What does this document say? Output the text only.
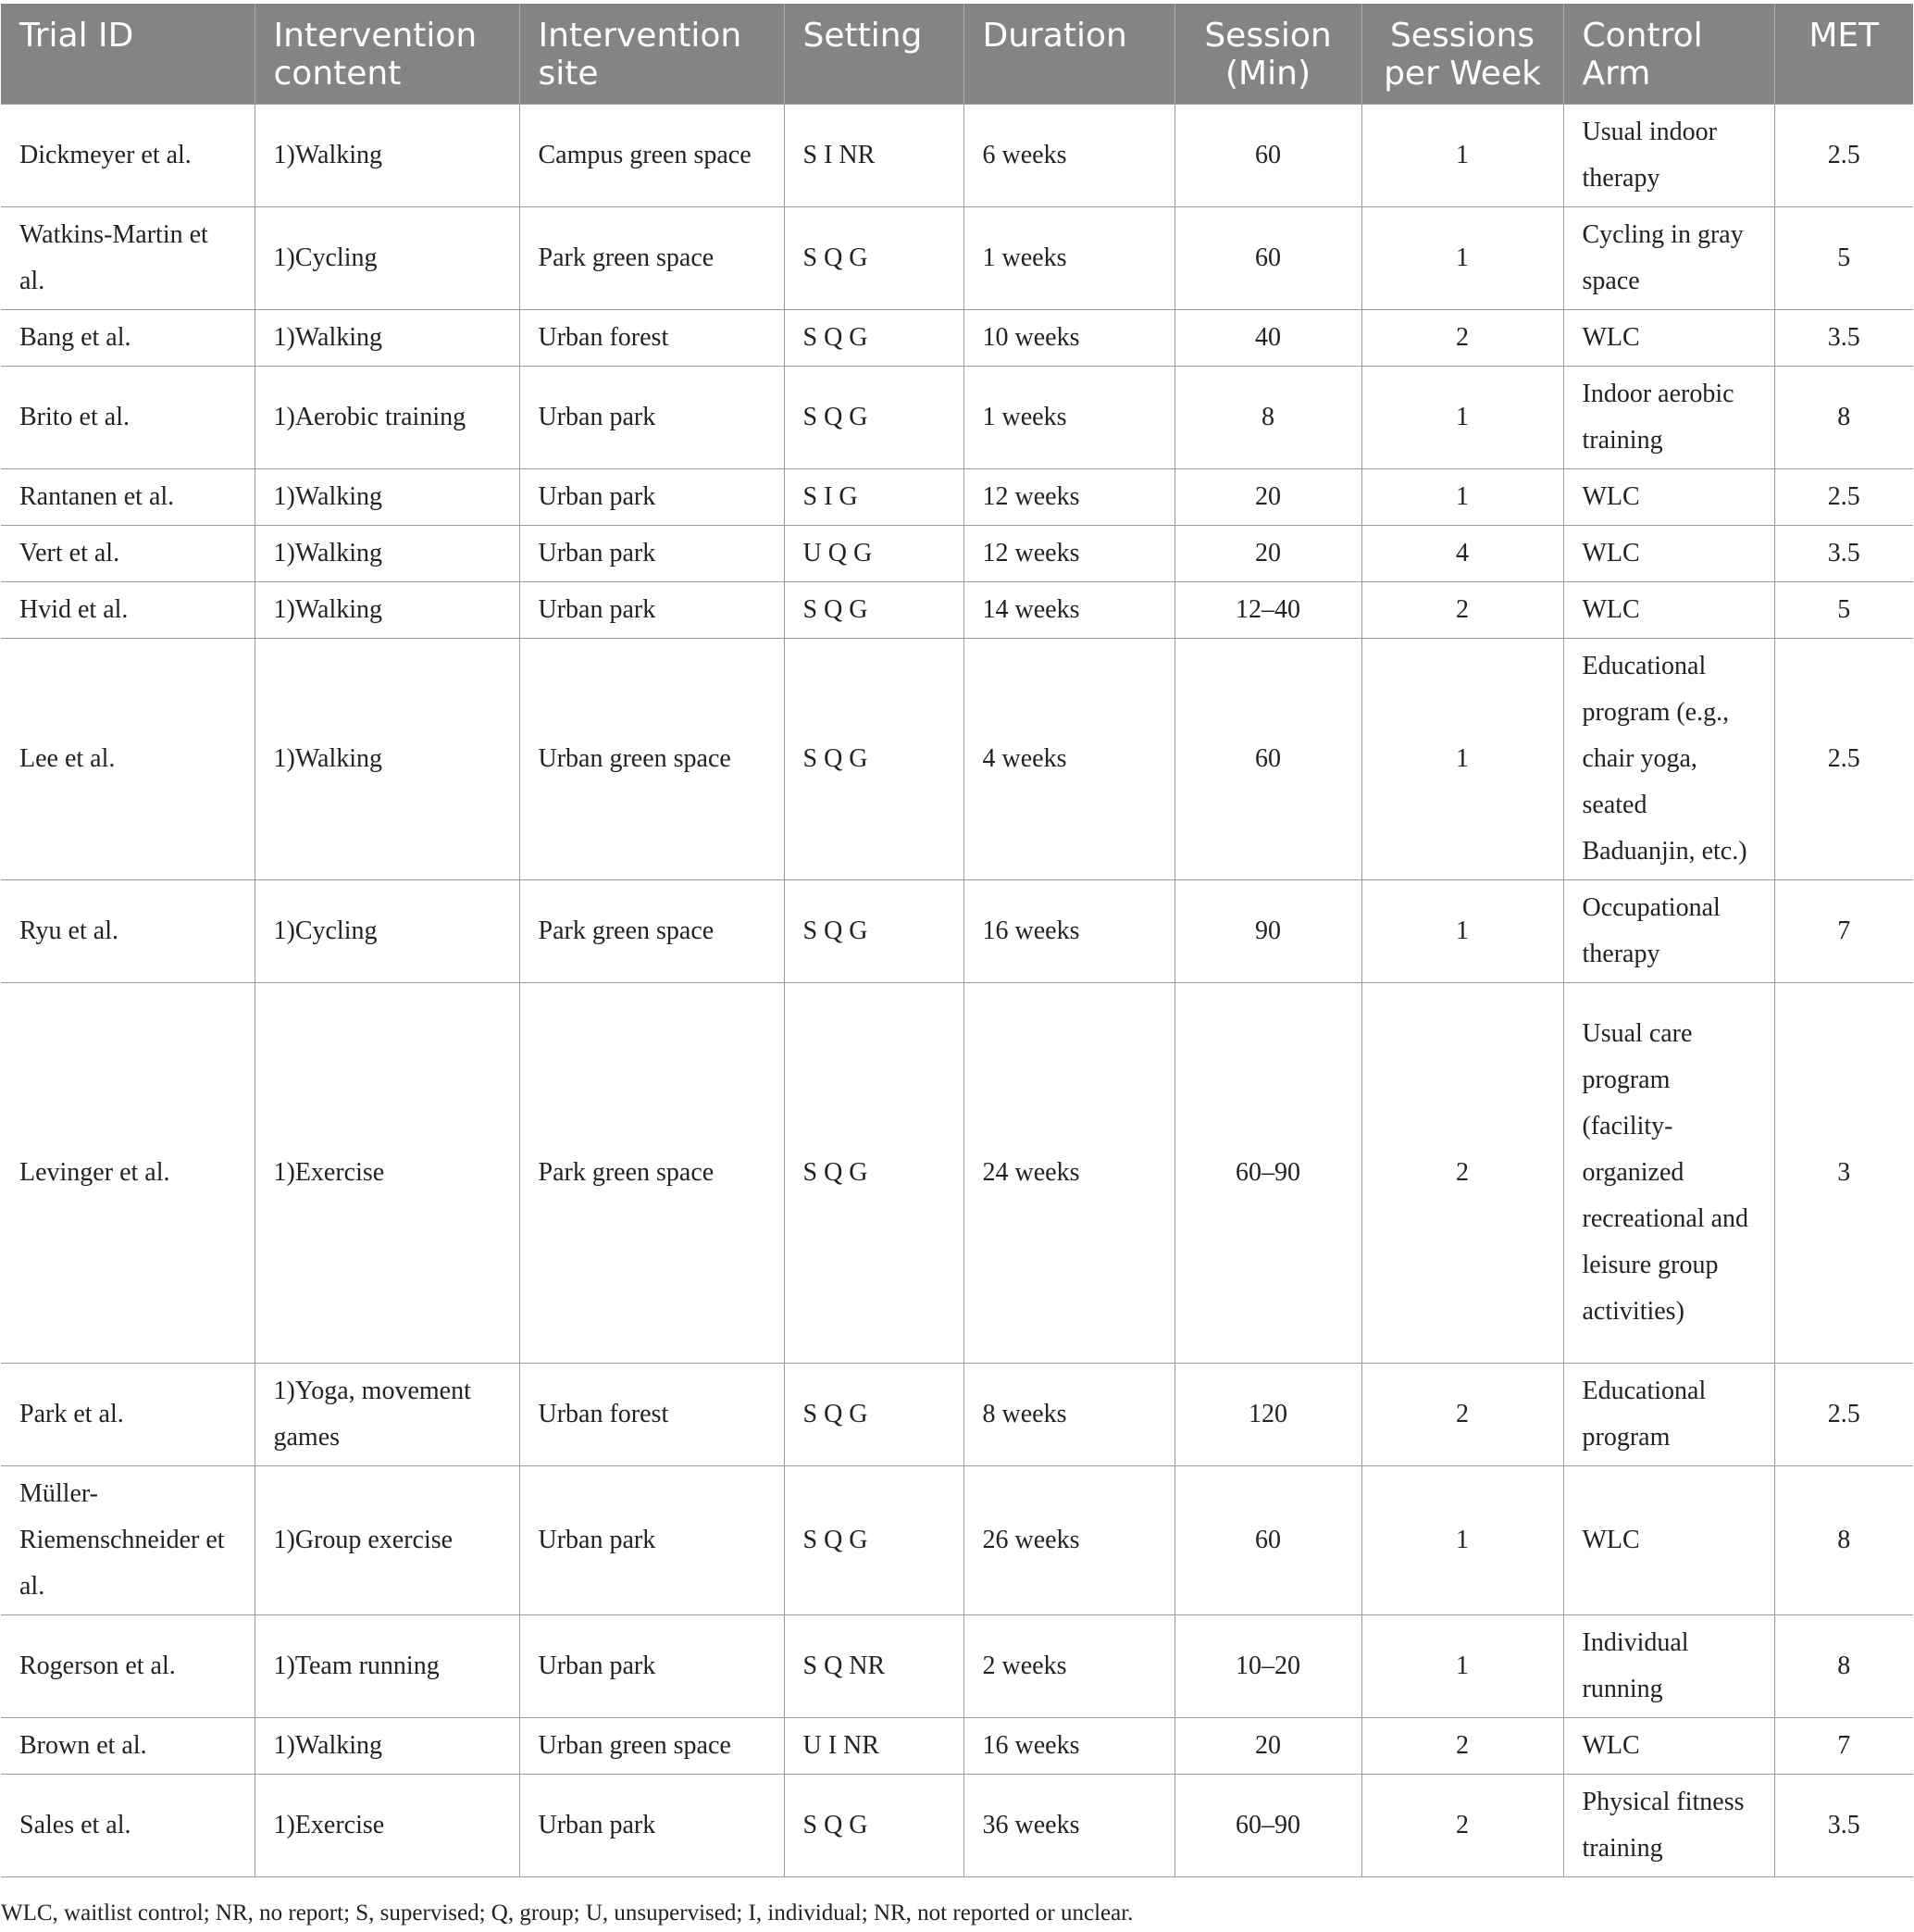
Trial ID	Intervention content	Intervention site	Setting	Duration	Session (Min)	Sessions per Week	Control Arm	MET
Dickmeyer et al.	1)Walking	Campus green space	S I NR	6 weeks	60	1	Usual indoor therapy	2.5
Watkins-Martin et al.	1)Cycling	Park green space	S Q G	1 weeks	60	1	Cycling in gray space	5
Bang et al.	1)Walking	Urban forest	S Q G	10 weeks	40	2	WLC	3.5
Brito et al.	1)Aerobic training	Urban park	S Q G	1 weeks	8	1	Indoor aerobic training	8
Rantanen et al.	1)Walking	Urban park	S I G	12 weeks	20	1	WLC	2.5
Vert et al.	1)Walking	Urban park	U Q G	12 weeks	20	4	WLC	3.5
Hvid et al.	1)Walking	Urban park	S Q G	14 weeks	12–40	2	WLC	5
Lee et al.	1)Walking	Urban green space	S Q G	4 weeks	60	1	Educational program (e.g., chair yoga, seated Baduanjin, etc.)	2.5
Ryu et al.	1)Cycling	Park green space	S Q G	16 weeks	90	1	Occupational therapy	7
Levinger et al.	1)Exercise	Park green space	S Q G	24 weeks	60–90	2	Usual care program (facility-organized recreational and leisure group activities)	3
Park et al.	1)Yoga, movement games	Urban forest	S Q G	8 weeks	120	2	Educational program	2.5
Müller-Riemenschneider et al.	1)Group exercise	Urban park	S Q G	26 weeks	60	1	WLC	8
Rogerson et al.	1)Team running	Urban park	S Q NR	2 weeks	10–20	1	Individual running	8
Brown et al.	1)Walking	Urban green space	U I NR	16 weeks	20	2	WLC	7
Sales et al.	1)Exercise	Urban park	S Q G	36 weeks	60–90	2	Physical fitness training	3.5
WLC, waitlist control; NR, no report; S, supervised; Q, group; U, unsupervised; I, individual; NR, not reported or unclear.
